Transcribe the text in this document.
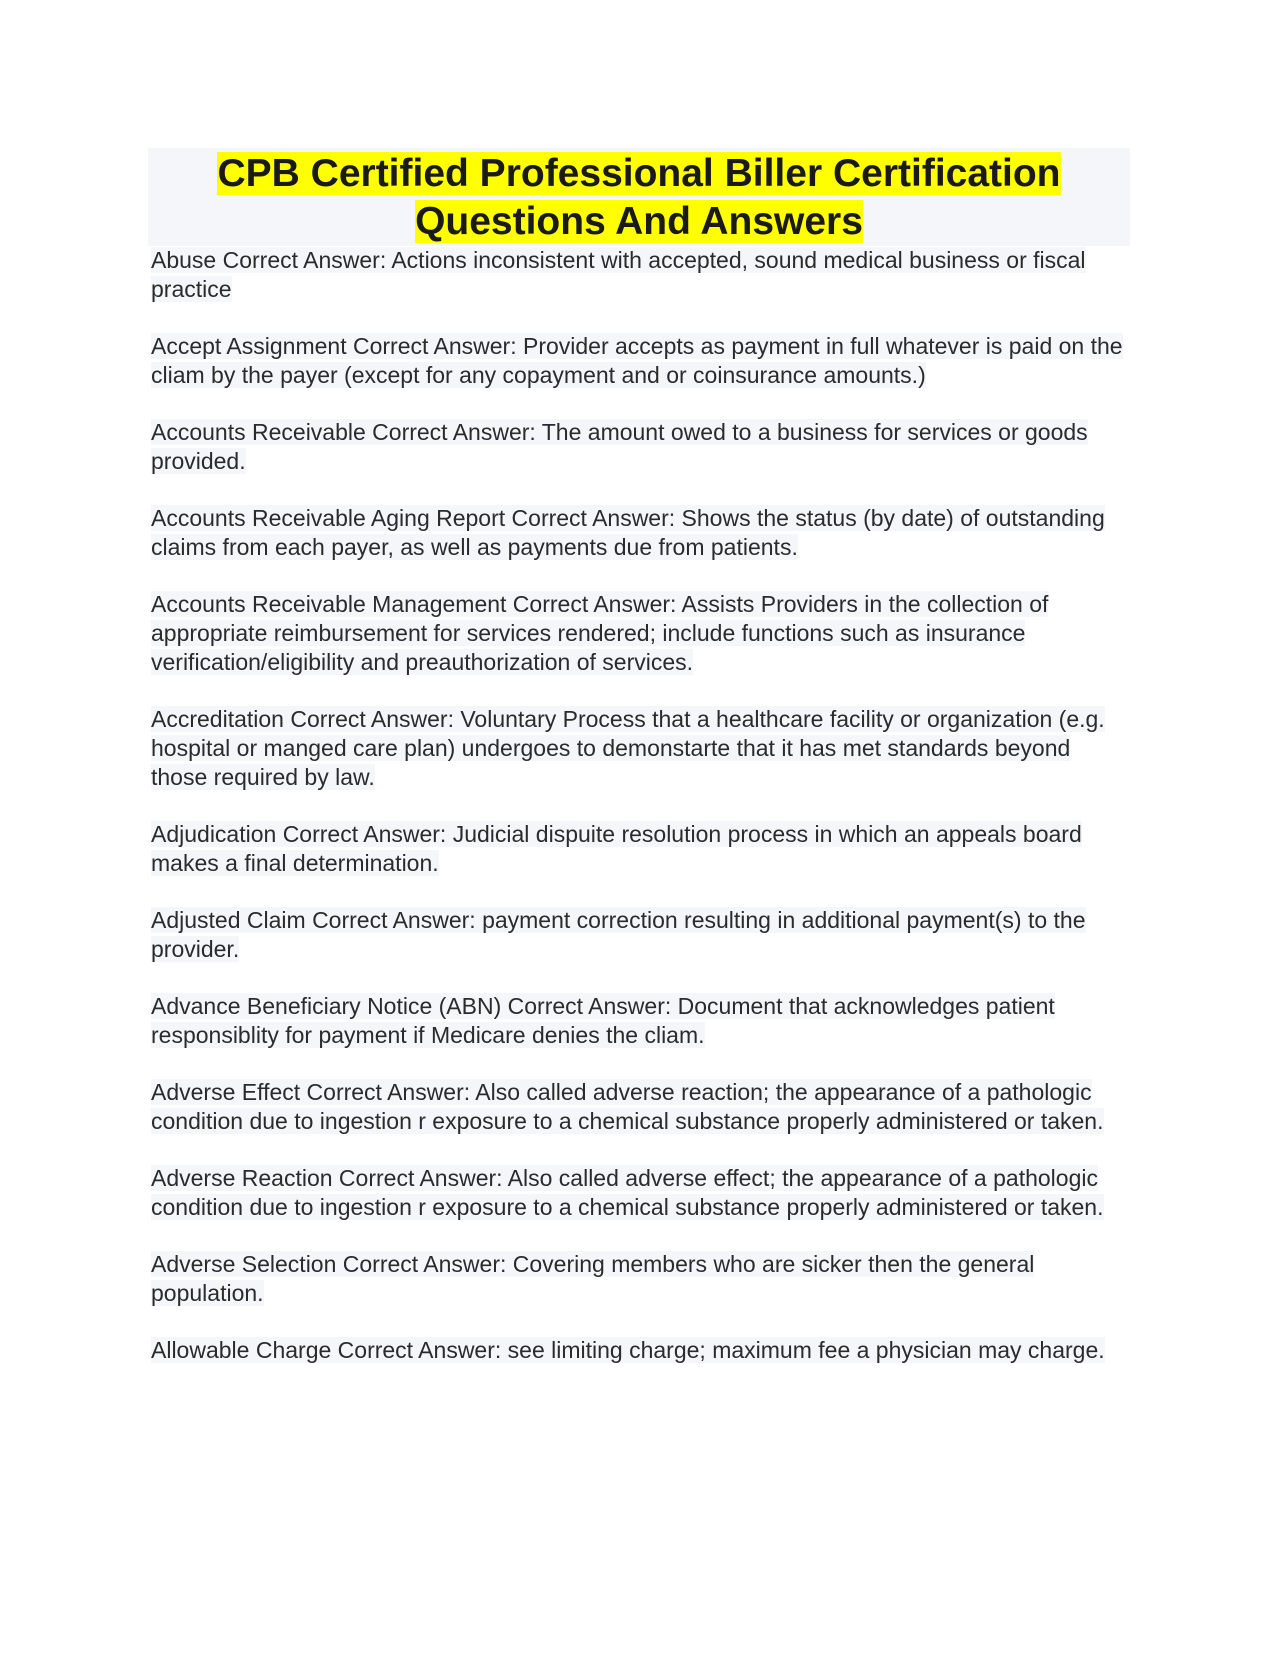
CPB Certified Professional Biller Certification Questions And Answers

Abuse Correct Answer: Actions inconsistent with accepted, sound medical business or fiscal practice

Accept Assignment Correct Answer: Provider accepts as payment in full whatever is paid on the cliam by the payer (except for any copayment and or coinsurance amounts.)

Accounts Receivable Correct Answer: The amount owed to a business for services or goods provided.

Accounts Receivable Aging Report Correct Answer: Shows the status (by date) of outstanding claims from each payer, as well as payments due from patients.

Accounts Receivable Management Correct Answer: Assists Providers in the collection of appropriate reimbursement for services rendered; include functions such as insurance verification/eligibility and preauthorization of services.

Accreditation Correct Answer: Voluntary Process that a healthcare facility or organization (e.g. hospital or manged care plan) undergoes to demonstarte that it has met standards beyond those required by law.

Adjudication Correct Answer: Judicial dispuite resolution process in which an appeals board makes a final determination.

Adjusted Claim Correct Answer: payment correction resulting in additional payment(s) to the provider.

Advance Beneficiary Notice (ABN) Correct Answer: Document that acknowledges patient responsiblity for payment if Medicare denies the cliam.

Adverse Effect Correct Answer: Also called adverse reaction; the appearance of a pathologic condition due to ingestion r exposure to a chemical substance properly administered or taken.

Adverse Reaction Correct Answer: Also called adverse effect; the appearance of a pathologic condition due to ingestion r exposure to a chemical substance properly administered or taken.

Adverse Selection Correct Answer: Covering members who are sicker then the general population.

Allowable Charge Correct Answer: see limiting charge; maximum fee a physician may charge.
